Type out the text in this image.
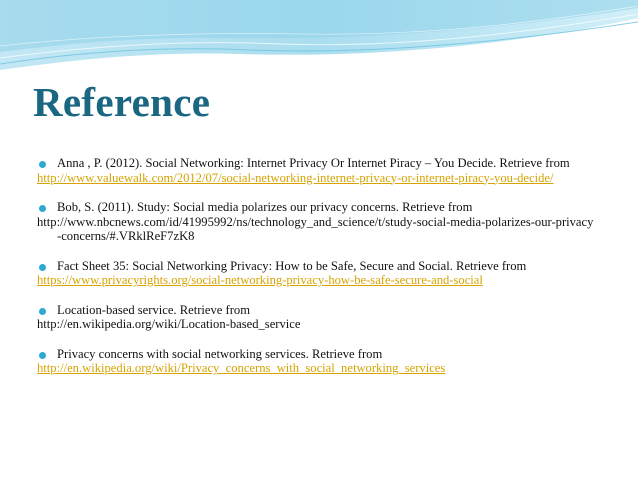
Reference
Anna , P. (2012). Social Networking: Internet Privacy Or Internet Piracy – You Decide. Retrieve from
http://www.valuewalk.com/2012/07/social-networking-internet-privacy-or-internet-piracy-you-decide/
Bob, S. (2011). Study: Social media polarizes our privacy concerns. Retrieve from
http://www.nbcnews.com/id/41995992/ns/technology_and_science/t/study-social-media-polarizes-our-privacy-concerns/#.VRklReF7zK8
Fact Sheet 35: Social Networking Privacy: How to be Safe, Secure and Social. Retrieve from
https://www.privacyrights.org/social-networking-privacy-how-be-safe-secure-and-social
Location-based service. Retrieve from
http://en.wikipedia.org/wiki/Location-based_service
Privacy concerns with social networking services. Retrieve from
http://en.wikipedia.org/wiki/Privacy_concerns_with_social_networking_services
